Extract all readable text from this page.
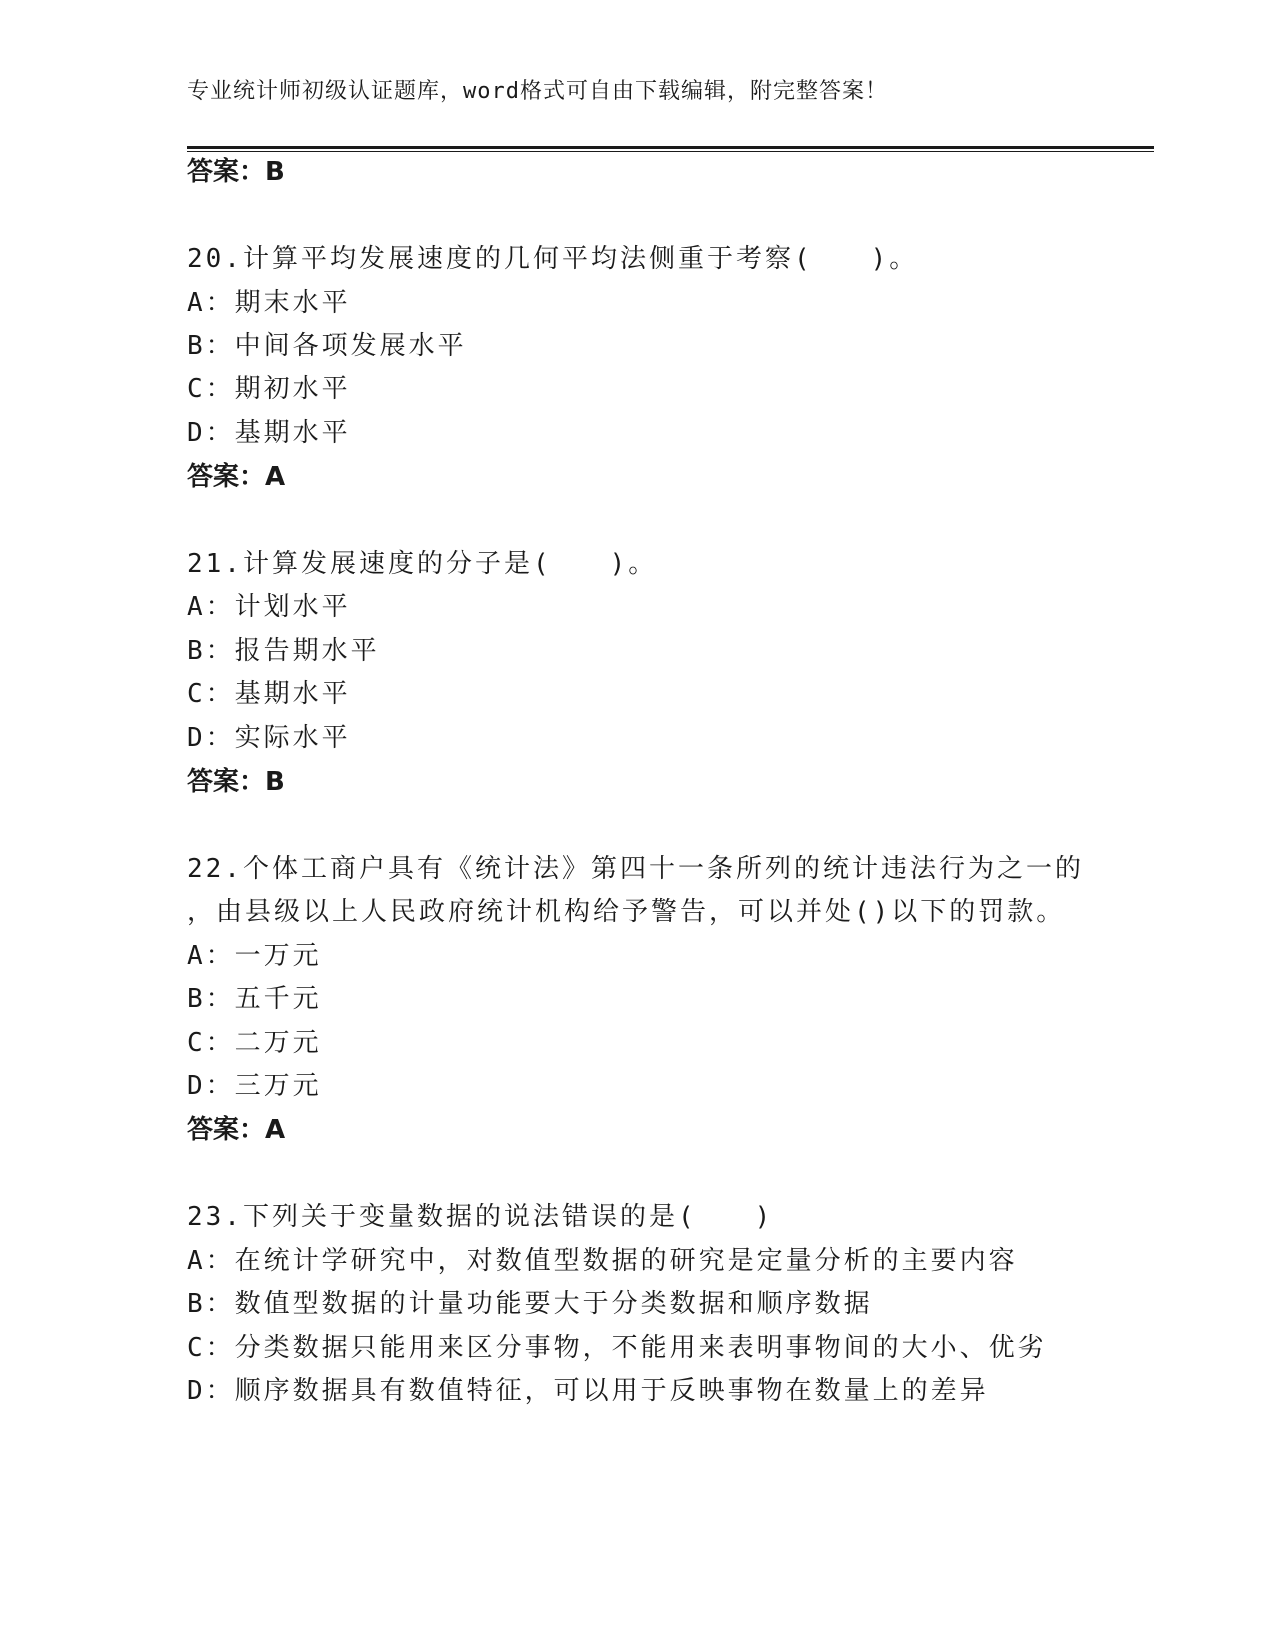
专业统计师初级认证题库，word格式可自由下载编辑，附完整答案！
答案：B
20.计算平均发展速度的几何平均法侧重于考察(　　)。
A：期末水平
B：中间各项发展水平
C：期初水平
D：基期水平
答案：A
21.计算发展速度的分子是(　　)。
A：计划水平
B：报告期水平
C：基期水平
D：实际水平
答案：B
22.个体工商户具有《统计法》第四十一条所列的统计违法行为之一的
，由县级以上人民政府统计机构给予警告，可以并处()以下的罚款。
A：一万元
B：五千元
C：二万元
D：三万元
答案：A
23.下列关于变量数据的说法错误的是(　　)
A：在统计学研究中，对数值型数据的研究是定量分析的主要内容
B：数值型数据的计量功能要大于分类数据和顺序数据
C：分类数据只能用来区分事物，不能用来表明事物间的大小、优劣
D：顺序数据具有数值特征，可以用于反映事物在数量上的差异
